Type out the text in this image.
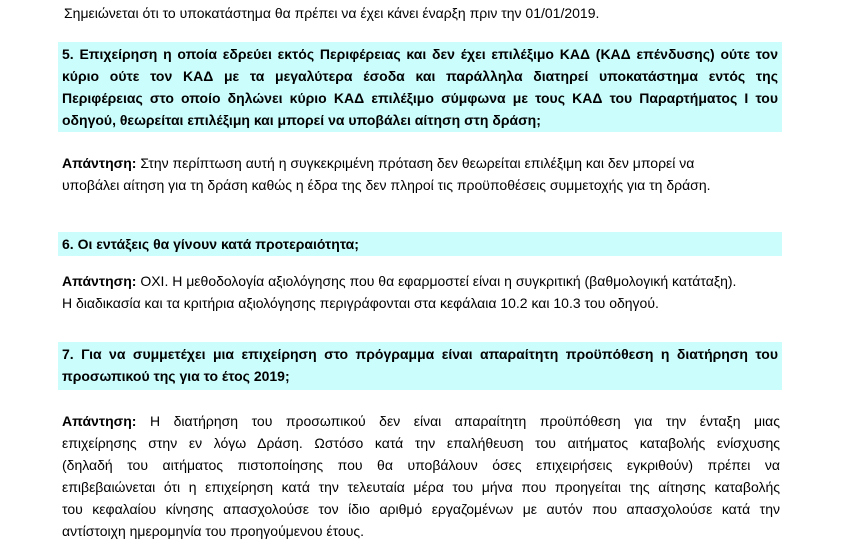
Σημειώνεται ότι το υποκατάστημα θα πρέπει να έχει κάνει έναρξη πριν την 01/01/2019.
5. Επιχείρηση η οποία εδρεύει εκτός Περιφέρειας και δεν έχει επιλέξιμο ΚΑΔ (ΚΑΔ επένδυσης) ούτε τον
κύριο ούτε τον ΚΑΔ με τα μεγαλύτερα έσοδα και παράλληλα διατηρεί υποκατάστημα εντός της
Περιφέρειας στο οποίο δηλώνει κύριο ΚΑΔ επιλέξιμο σύμφωνα με τους ΚΑΔ του Παραρτήματος Ι του
οδηγού, θεωρείται επιλέξιμη και μπορεί να υποβάλει αίτηση στη δράση;
Απάντηση: Στην περίπτωση αυτή η συγκεκριμένη πρόταση δεν θεωρείται επιλέξιμη και δεν μπορεί να
υποβάλει αίτηση για τη δράση καθώς η έδρα της δεν πληροί τις προϋποθέσεις συμμετοχής για τη δράση.
6. Οι εντάξεις θα γίνουν κατά προτεραιότητα;
Απάντηση: ΟΧΙ. Η μεθοδολογία αξιολόγησης που θα εφαρμοστεί είναι η συγκριτική (βαθμολογική κατάταξη).
Η διαδικασία και τα κριτήρια αξιολόγησης περιγράφονται στα κεφάλαια 10.2 και 10.3 του οδηγού.
7. Για να συμμετέχει μια επιχείρηση στο πρόγραμμα είναι απαραίτητη προϋπόθεση η διατήρηση του
προσωπικού της για το έτος 2019;
Απάντηση: Η διατήρηση του προσωπικού δεν είναι απαραίτητη προϋπόθεση για την ένταξη μιας
επιχείρησης στην εν λόγω Δράση. Ωστόσο κατά την επαλήθευση του αιτήματος καταβολής ενίσχυσης
(δηλαδή του αιτήματος πιστοποίησης που θα υποβάλουν όσες επιχειρήσεις εγκριθούν) πρέπει να
επιβεβαιώνεται ότι η επιχείρηση κατά την τελευταία μέρα του μήνα που προηγείται της αίτησης καταβολής
του κεφαλαίου κίνησης απασχολούσε τον ίδιο αριθμό εργαζομένων με αυτόν που απασχολούσε κατά την
αντίστοιχη ημερομηνία του προηγούμενου έτους.
